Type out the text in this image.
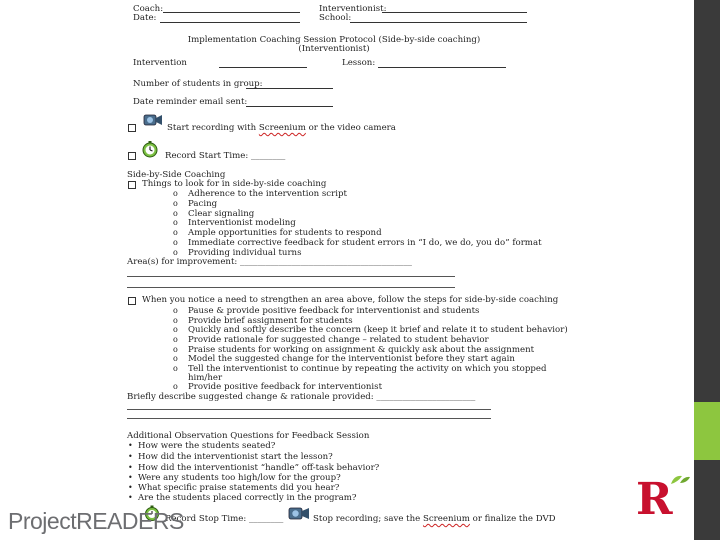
Coach:
Date:
Interventionist:
School:
Implementation Coaching Session Protocol (Side-by-side coaching)
(Interventionist)
Intervention	Lesson:
Number of students in group:
Date reminder email sent:
Start recording with Screenium or the video camera
Record Start Time: ________
Side-by-Side Coaching
Things to look for in side-by-side coaching
o Adherence to the intervention script
o Pacing
o Clear signaling
o Interventionist modeling
o Ample opportunities for students to respond
o Immediate corrective feedback for student errors in “I do, we do, you do” format
o Providing individual turns
Area(s) for improvement: ________________________________________
When you notice a need to strengthen an area above, follow the steps for side-by-side coaching
o Pause & provide positive feedback for interventionist and students
o Provide brief assignment for students
o Quickly and softly describe the concern (keep it brief and relate it to student behavior)
o Provide rationale for suggested change – related to student behavior
o Praise students for working on assignment & quickly ask about the assignment
o Model the suggested change for the interventionist before they start again
o Tell the interventionist to continue by repeating the activity on which you stopped
him/her
o Provide positive feedback for interventionist
Briefly describe suggested change & rationale provided: _______________________
Additional Observation Questions for Feedback Session
• How were the students seated?
• How did the interventionist start the lesson?
• How did the interventionist “handle” off-task behavior?
• Were any students too high/low for the group?
• What specific praise statements did you hear?
• Are the students placed correctly in the program?
Record Stop Time: ________	Stop recording; save the Screenium or finalize the DVD
ProjectREADERS	R
